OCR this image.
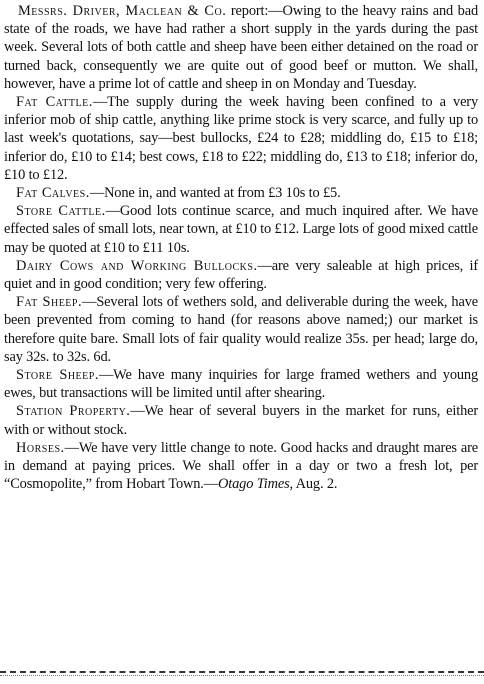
Messrs. Driver, Maclean & Co. report:—Owing to the heavy rains and bad state of the roads, we have had rather a short supply in the yards during the past week. Several lots of both cattle and sheep have been either detained on the road or turned back, consequently we are quite out of good beef or mutton. We shall, however, have a prime lot of cattle and sheep in on Monday and Tuesday.

Fat Cattle.—The supply during the week having been confined to a very inferior mob of ship cattle, anything like prime stock is very scarce, and fully up to last week's quotations, say—best bullocks, £24 to £28; middling do, £15 to £18; inferior do, £10 to £14; best cows, £18 to £22; middling do, £13 to £18; inferior do, £10 to £12.

Fat Calves.—None in, and wanted at from £3 10s to £5.

Store Cattle.—Good lots continue scarce, and much inquired after. We have effected sales of small lots, near town, at £10 to £12. Large lots of good mixed cattle may be quoted at £10 to £11 10s.

Dairy Cows and Working Bullocks.—are very saleable at high prices, if quiet and in good condition; very few offering.

Fat Sheep.—Several lots of wethers sold, and deliverable during the week, have been prevented from coming to hand (for reasons above named;) our market is therefore quite bare. Small lots of fair quality would realize 35s. per head; large do, say 32s. to 32s. 6d.

Store Sheep.—We have many inquiries for large framed wethers and young ewes, but transactions will be limited until after shearing.

Station Property.—We hear of several buyers in the market for runs, either with or without stock.

Horses.—We have very little change to note. Good hacks and draught mares are in demand at paying prices. We shall offer in a day or two a fresh lot, per “Cosmopolite,” from Hobart Town.—Otago Times, Aug. 2.
